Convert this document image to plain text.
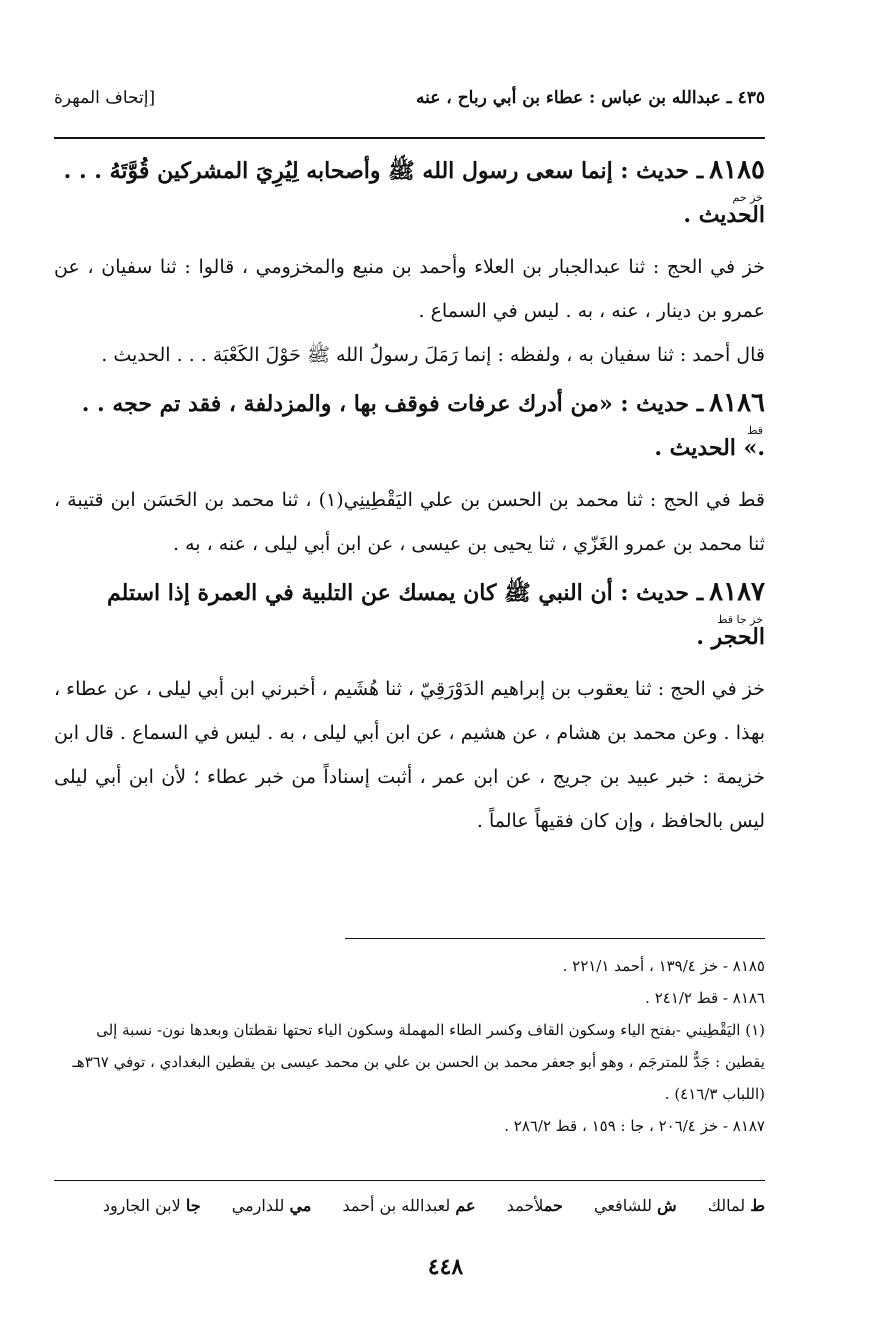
٤٣٥ ـ عبدالله بن عباس : عطاء بن أبي رباح ، عنه
[إتحاف المهرة
٨١٨٥ـ حديث : إنما سعى رسول الله ﷺ وأصحابه لِيُرِيَ المشركين قُوَّتَهُ . . . الحديث .
خز حم
خز في الحج : ثنا عبدالجبار بن العلاء وأحمد بن منيع والمخزومي ، قالوا : ثنا سفيان ، عن عمرو بن دينار ، عنه ، به . ليس في السماع .
قال أحمد : ثنا سفيان به ، ولفظه : إنما رَمَلَ رسولُ الله ﷺ حَوْلَ الكَعْبَة . . . الحديث .
٨١٨٦ـ حديث : «من أدرك عرفات فوقف بها ، والمزدلفة ، فقد تم حجه . . .» الحديث .
قط
قط في الحج : ثنا محمد بن الحسن بن علي اليَقْطِينِي(١) ، ثنا محمد بن الحَسَن ابن قتيبة ، ثنا محمد بن عمرو الغَزّي ، ثنا يحيى بن عيسى ، عن ابن أبي ليلى ، عنه ، به .
٨١٨٧ـ حديث : أن النبي ﷺ كان يمسك عن التلبية في العمرة إذا استلم الحجر .
خز جا قط
خز في الحج : ثنا يعقوب بن إبراهيم الدَوْرَقِيّ ، ثنا هُشَيم ، أخبرني ابن أبي ليلى ، عن عطاء ، بهذا . وعن محمد بن هشام ، عن هشيم ، عن ابن أبي ليلى ، به . ليس في السماع . قال ابن خزيمة : خبر عبيد بن جريج ، عن ابن عمر ، أثبت إسناداً من خبر عطاء ؛ لأن ابن أبي ليلى ليس بالحافظ ، وإن كان فقيهاً عالماً .
٨١٨٥ - خز ١٣٩/٤ ، أحمد ٢٢١/١ .
٨١٨٦ - قط ٢٤١/٢ .
(١) اليَقْطِيني -بفتح الياء وسكون القاف وكسر الطاء المهملة وسكون الياء تحتها نقطتان وبعدها نون- نسبة إلى يقطين : جَدٌّ للمترجَم ، وهو أبو جعفر محمد بن الحسن بن علي بن محمد عيسى بن يقطين البغدادي ، توفي ٣٦٧هـ (اللباب ٤١٦/٣) .
٨١٨٧ - خز ٢٠٦/٤ ، جا : ١٥٩ ، قط ٢٨٦/٢ .
ط لمالك ش للشافعي حملأحمد عم لعبدالله بن أحمد مي للدارمي جا لابن الجارود
٤٤٨
